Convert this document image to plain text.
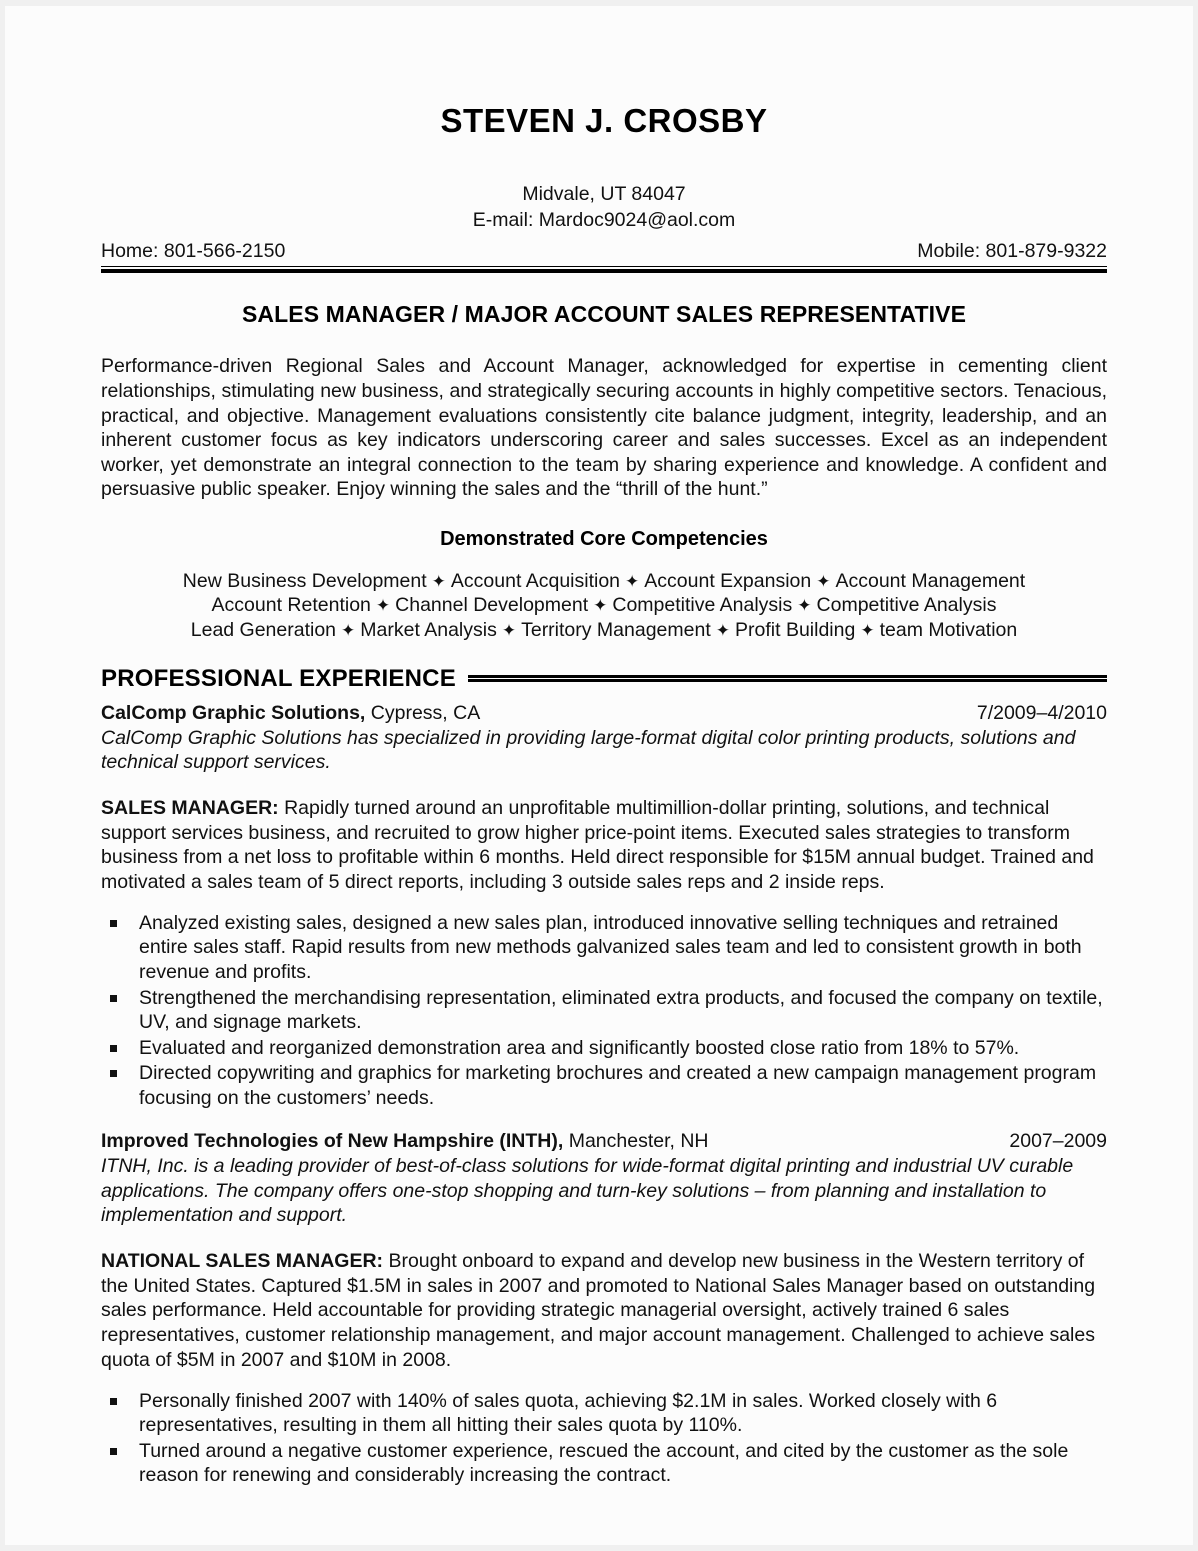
STEVEN J. CROSBY
Midvale, UT 84047
E-mail: Mardoc9024@aol.com
Home: 801-566-2150	Mobile: 801-879-9322
SALES MANAGER / MAJOR ACCOUNT SALES REPRESENTATIVE
Performance-driven Regional Sales and Account Manager, acknowledged for expertise in cementing client relationships, stimulating new business, and strategically securing accounts in highly competitive sectors. Tenacious, practical, and objective. Management evaluations consistently cite balance judgment, integrity, leadership, and an inherent customer focus as key indicators underscoring career and sales successes. Excel as an independent worker, yet demonstrate an integral connection to the team by sharing experience and knowledge. A confident and persuasive public speaker. Enjoy winning the sales and the “thrill of the hunt.”
Demonstrated Core Competencies
New Business Development ✦ Account Acquisition ✦ Account Expansion ✦ Account Management
Account Retention ✦ Channel Development ✦ Competitive Analysis ✦ Competitive Analysis
Lead Generation ✦ Market Analysis ✦ Territory Management ✦ Profit Building ✦ team Motivation
PROFESSIONAL EXPERIENCE
CalComp Graphic Solutions, Cypress, CA	7/2009–4/2010
CalComp Graphic Solutions has specialized in providing large-format digital color printing products, solutions and technical support services.
SALES MANAGER: Rapidly turned around an unprofitable multimillion-dollar printing, solutions, and technical support services business, and recruited to grow higher price-point items. Executed sales strategies to transform business from a net loss to profitable within 6 months. Held direct responsible for $15M annual budget. Trained and motivated a sales team of 5 direct reports, including 3 outside sales reps and 2 inside reps.
Analyzed existing sales, designed a new sales plan, introduced innovative selling techniques and retrained entire sales staff. Rapid results from new methods galvanized sales team and led to consistent growth in both revenue and profits.
Strengthened the merchandising representation, eliminated extra products, and focused the company on textile, UV, and signage markets.
Evaluated and reorganized demonstration area and significantly boosted close ratio from 18% to 57%.
Directed copywriting and graphics for marketing brochures and created a new campaign management program focusing on the customers’ needs.
Improved Technologies of New Hampshire (INTH), Manchester, NH	2007–2009
ITNH, Inc. is a leading provider of best-of-class solutions for wide-format digital printing and industrial UV curable applications. The company offers one-stop shopping and turn-key solutions – from planning and installation to implementation and support.
NATIONAL SALES MANAGER: Brought onboard to expand and develop new business in the Western territory of the United States. Captured $1.5M in sales in 2007 and promoted to National Sales Manager based on outstanding sales performance. Held accountable for providing strategic managerial oversight, actively trained 6 sales representatives, customer relationship management, and major account management. Challenged to achieve sales quota of $5M in 2007 and $10M in 2008.
Personally finished 2007 with 140% of sales quota, achieving $2.1M in sales. Worked closely with 6 representatives, resulting in them all hitting their sales quota by 110%.
Turned around a negative customer experience, rescued the account, and cited by the customer as the sole reason for renewing and considerably increasing the contract.
